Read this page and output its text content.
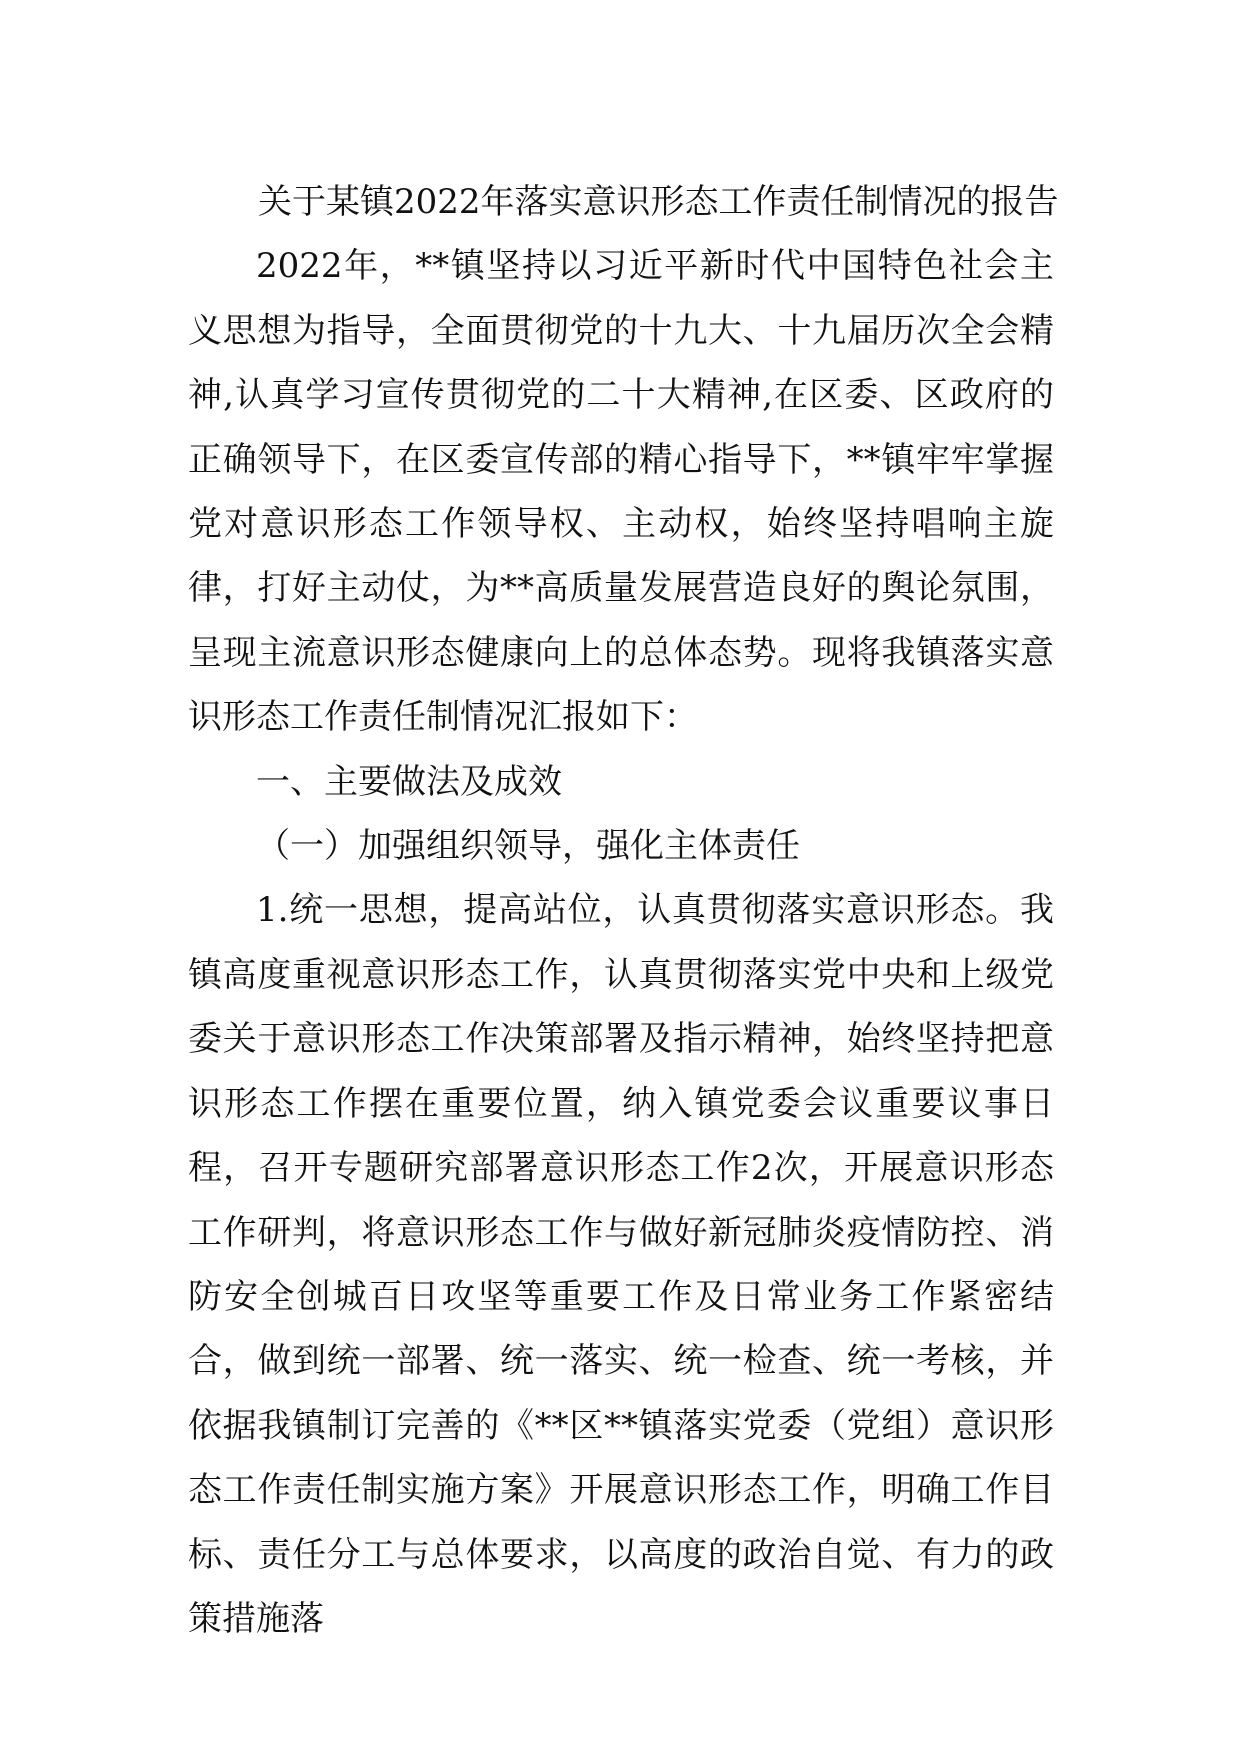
关于某镇2022年落实意识形态工作责任制情况的报告

2022年，**镇坚持以习近平新时代中国特色社会主义思想为指导，全面贯彻党的十九大、十九届历次全会精神,认真学习宣传贯彻党的二十大精神,在区委、区政府的正确领导下，在区委宣传部的精心指导下，**镇牢牢掌握党对意识形态工作领导权、主动权，始终坚持唱响主旋律，打好主动仗，为**高质量发展营造良好的舆论氛围，呈现主流意识形态健康向上的总体态势。现将我镇落实意识形态工作责任制情况汇报如下：

一、主要做法及成效

（一）加强组织领导，强化主体责任

1.统一思想，提高站位，认真贯彻落实意识形态。我镇高度重视意识形态工作，认真贯彻落实党中央和上级党委关于意识形态工作决策部署及指示精神，始终坚持把意识形态工作摆在重要位置，纳入镇党委会议重要议事日程，召开专题研究部署意识形态工作2次，开展意识形态工作研判，将意识形态工作与做好新冠肺炎疫情防控、消防安全创城百日攻坚等重要工作及日常业务工作紧密结合，做到统一部署、统一落实、统一检查、统一考核，并依据我镇制订完善的《**区**镇落实党委（党组）意识形态工作责任制实施方案》开展意识形态工作，明确工作目标、责任分工与总体要求，以高度的政治自觉、有力的政策措施落
